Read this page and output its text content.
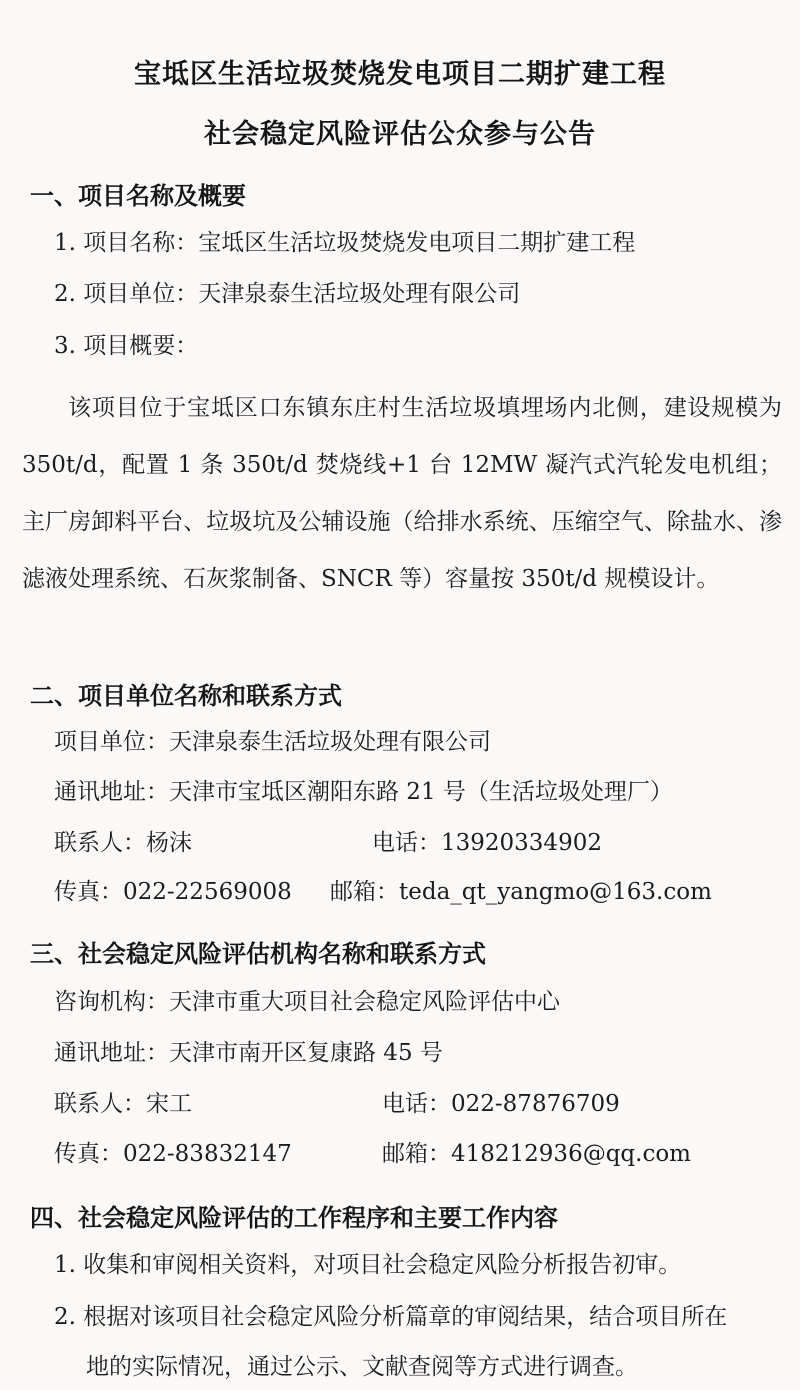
宝坻区生活垃圾焚烧发电项目二期扩建工程
社会稳定风险评估公众参与公告
一、项目名称及概要
1. 项目名称：宝坻区生活垃圾焚烧发电项目二期扩建工程
2. 项目单位：天津泉泰生活垃圾处理有限公司
3. 项目概要：
该项目位于宝坻区口东镇东庄村生活垃圾填埋场内北侧，建设规模为350t/d，配置 1 条 350t/d 焚烧线+1 台 12MW 凝汽式汽轮发电机组；主厂房卸料平台、垃圾坑及公辅设施（给排水系统、压缩空气、除盐水、渗滤液处理系统、石灰浆制备、SNCR 等）容量按 350t/d 规模设计。
二、项目单位名称和联系方式
项目单位：天津泉泰生活垃圾处理有限公司
通讯地址：天津市宝坻区潮阳东路 21 号（生活垃圾处理厂）
联系人：杨沫	电话：13920334902
传真：022-22569008 邮箱：teda_qt_yangmo@163.com
三、社会稳定风险评估机构名称和联系方式
咨询机构：天津市重大项目社会稳定风险评估中心
通讯地址：天津市南开区复康路 45 号
联系人：宋工	电话：022-87876709
传真：022-83832147	邮箱：418212936@qq.com
四、社会稳定风险评估的工作程序和主要工作内容
1. 收集和审阅相关资料，对项目社会稳定风险分析报告初审。
2. 根据对该项目社会稳定风险分析篇章的审阅结果，结合项目所在
地的实际情况，通过公示、文献查阅等方式进行调查。
